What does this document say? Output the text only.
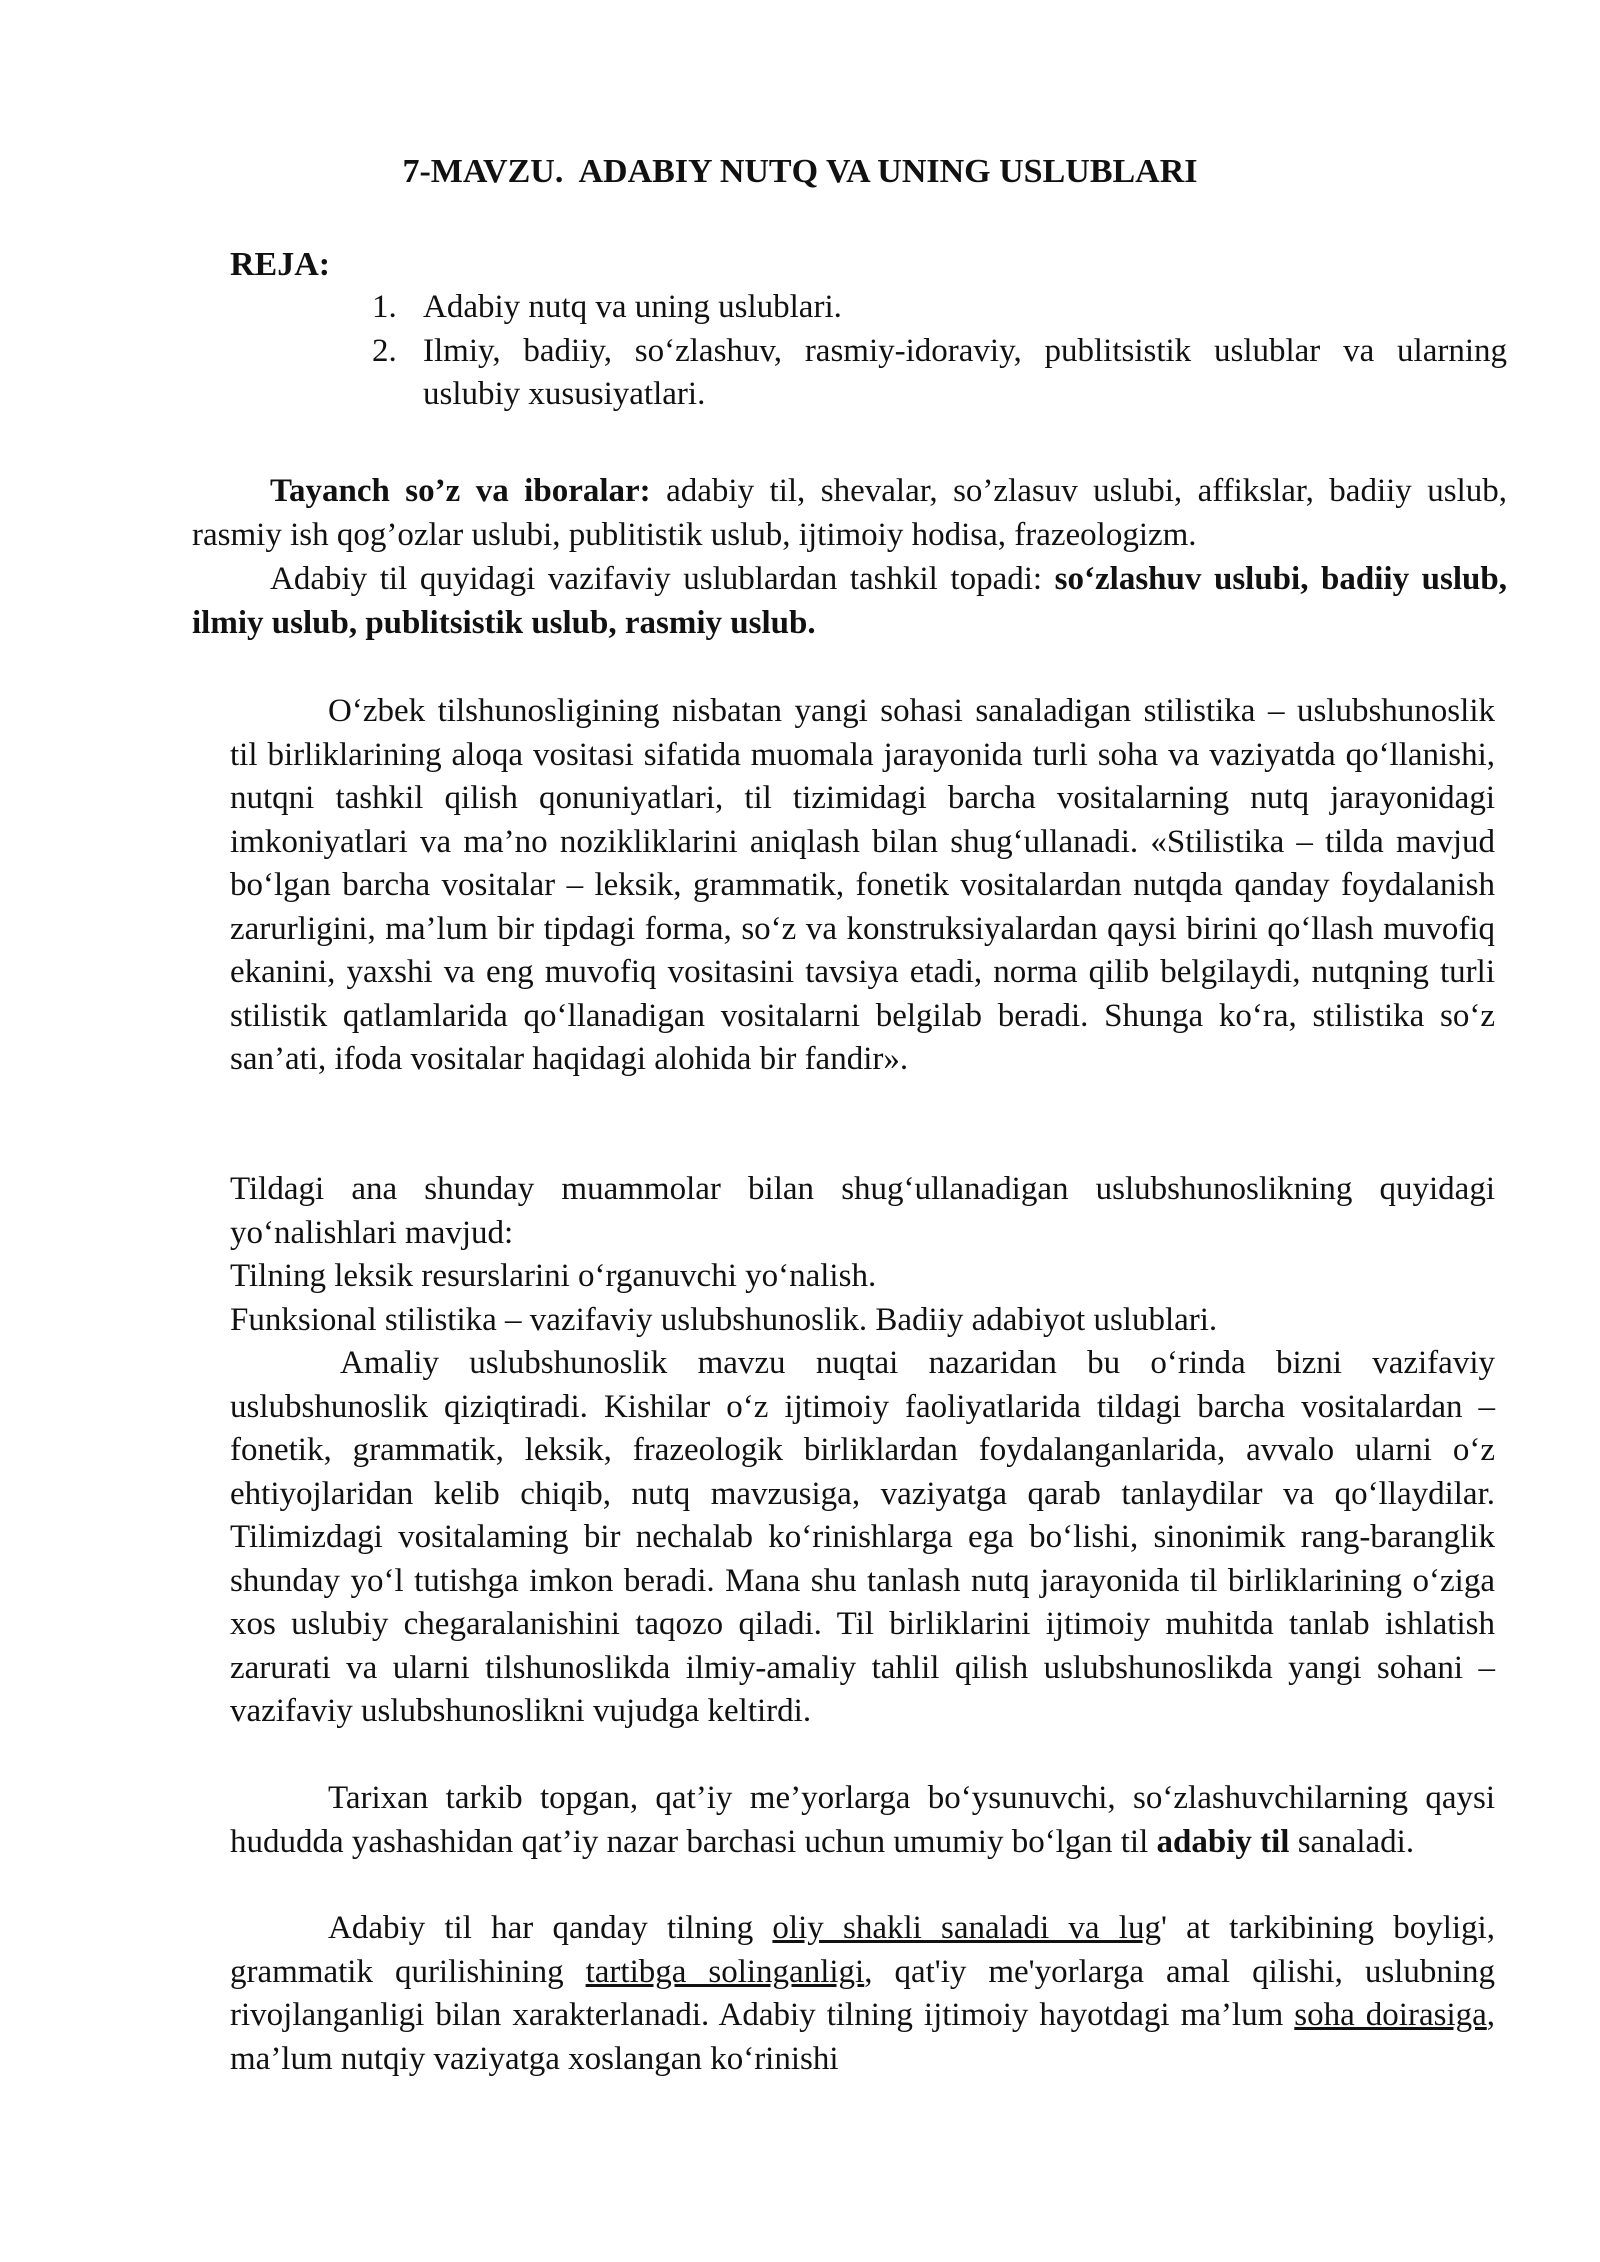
7-MAVZU.  ADABIY NUTQ VA UNING USLUBLARI
REJA:
1. Adabiy nutq va uning uslublari.
2. Ilmiy, badiiy, so‘zlashuv, rasmiy-idoraviy, publitsistik uslublar va ularning uslubiy xususiyatlari.

Tayanch so’z va iboralar: adabiy til, shevalar, so’zlasuv uslubi, affikslar, badiiy uslub, rasmiy ish qog’ozlar uslubi, publitistik uslub, ijtimoiy hodisa, frazeologizm.

Adabiy til quyidagi vazifaviy uslublardan tashkil topadi: so‘zlashuv uslubi, badiiy uslub, ilmiy uslub, publitsistik uslub, rasmiy uslub.

O‘zbek tilshunosligining nisbatan yangi sohasi sanaladigan stilistika – uslubshunoslik til birliklarining aloqa vositasi sifatida muomala jarayonida turli soha va vaziyatda qo‘llanishi, nutqni tashkil qilish qonuniyatlari, til tizimidagi barcha vositalarning nutq jarayonidagi imkoniyatlari va ma’no nozikliklarini aniqlash bilan shug‘ullanadi. «Stilistika – tilda mavjud bo‘lgan barcha vositalar – leksik, grammatik, fonetik vositalardan nutqda qanday foydalanish zarurligini, ma’lum bir tipdagi forma, so‘z va konstruksiyalardan qaysi birini qo‘llash muvofiq ekanini, yaxshi va eng muvofiq vositasini tavsiya etadi, norma qilib belgilaydi, nutqning turli stilistik qatlamlarida qo‘llanadigan vositalarni belgilab beradi. Shunga ko‘ra, stilistika so‘z san’ati, ifoda vositalar haqidagi alohida bir fandir».

Tildagi ana shunday muammolar bilan shug‘ullanadigan uslubshunoslikning quyidagi yo‘nalishlari mavjud:

Tilning leksik resurslarini o‘rganuvchi yo‘nalish.

Funksional stilistika – vazifaviy uslubshunoslik. Badiiy adabiyot uslublari.

Amaliy uslubshunoslik mavzu nuqtai nazaridan bu o‘rinda bizni vazifaviy uslubshunoslik qiziqtiradi. Kishilar o‘z ijtimoiy faoliyatlarida tildagi barcha vositalardan – fonetik, grammatik, leksik, frazeologik birliklardan foydalanganlarida, avvalo ularni o‘z ehtiyojlaridan kelib chiqib, nutq mavzusiga, vaziyatga qarab tanlaydilar va qo‘llaydilar. Tilimizdagi vositalaming bir nechalab ko‘rinishlarga ega bo‘lishi, sinonimik rang-baranglik shunday yo‘l tutishga imkon beradi. Mana shu tanlash nutq jarayonida til birliklarining o‘ziga xos uslubiy chegaralanishini taqozo qiladi. Til birliklarini ijtimoiy muhitda tanlab ishlatish zarurati va ularni tilshunoslikda ilmiy-amaliy tahlil qilish uslubshunoslikda yangi sohani – vazifaviy uslubshunoslikni vujudga keltirdi.

Tarixan tarkib topgan, qat’iy me’yorlarga bo‘ysunuvchi, so‘zlashuvchilarning qaysi hududda yashashidan qat’iy nazar barchasi uchun umumiy bo‘lgan til adabiy til sanaladi.

Adabiy til har qanday tilning oliy shakli sanaladi va lug' at tarkibining boyligi, grammatik qurilishining tartibga solinganligi, qat'iy me'yorlarga amal qilishi, uslubning rivojlanganligi bilan xarakterlanadi. Adabiy tilning ijtimoiy hayotdagi ma’lum soha doirasiga, ma’lum nutqiy vaziyatga xoslangan ko‘rinishi
